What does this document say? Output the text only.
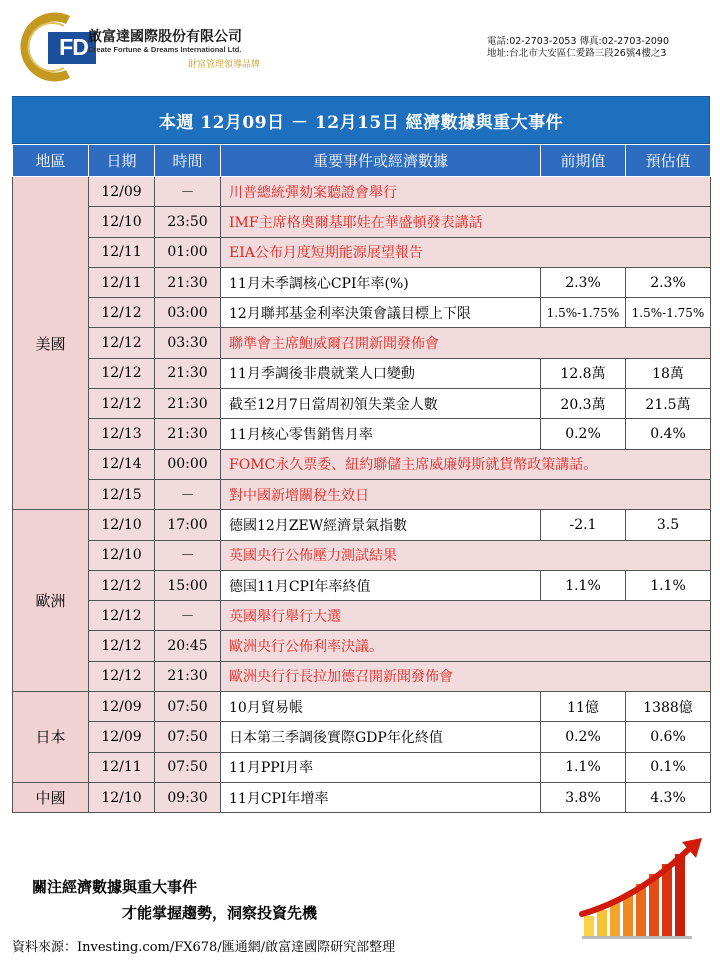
FD 啟富達國際股份有限公司
Create Fortune & Dreams International Ltd.
財富管理領導品牌
電話:02-2703-2053 傳真:02-2703-2090
地址:台北市大安區仁愛路三段26號4樓之3
本週 12月09日 － 12月15日 經濟數據與重大事件
地區	日期	時間	重要事件或經濟數據	前期值	預估值
美國	12/09	－	川普總統彈劾案聽證會舉行		
	12/10	23:50	IMF主席格奧爾基耶娃在華盛頓發表講話		
	12/11	01:00	EIA公布月度短期能源展望報告		
	12/11	21:30	11月未季調核心CPI年率(%)	2.3%	2.3%
	12/12	03:00	12月聯邦基金利率決策會議目標上下限	1.5%-1.75%	1.5%-1.75%
	12/12	03:30	聯準會主席鮑威爾召開新聞發佈會		
	12/12	21:30	11月季調後非農就業人口變動	12.8萬	18萬
	12/12	21:30	截至12月7日當周初領失業金人數	20.3萬	21.5萬
	12/13	21:30	11月核心零售銷售月率	0.2%	0.4%
	12/14	00:00	FOMC永久票委、紐約聯儲主席威廉姆斯就貨幣政策講話。		
	12/15	－	對中國新增關稅生效日		
歐洲	12/10	17:00	德國12月ZEW經濟景氣指數	-2.1	3.5
	12/10	－	英國央行公佈壓力測試結果		
	12/12	15:00	德国11月CPI年率終值	1.1%	1.1%
	12/12	－	英國舉行舉行大選		
	12/12	20:45	歐洲央行公佈利率決議。		
	12/12	21:30	歐洲央行行長拉加德召開新聞發佈會		
日本	12/09	07:50	10月貿易帳	11億	1388億
	12/09	07:50	日本第三季調後實際GDP年化終值	0.2%	0.6%
	12/11	07:50	11月PPI月率	1.1%	0.1%
中國	12/10	09:30	11月CPI年增率	3.8%	4.3%
關注經濟數據與重大事件
才能掌握趨勢，洞察投資先機
資料來源：Investing.com/FX678/匯通網/啟富達國際研究部整理
